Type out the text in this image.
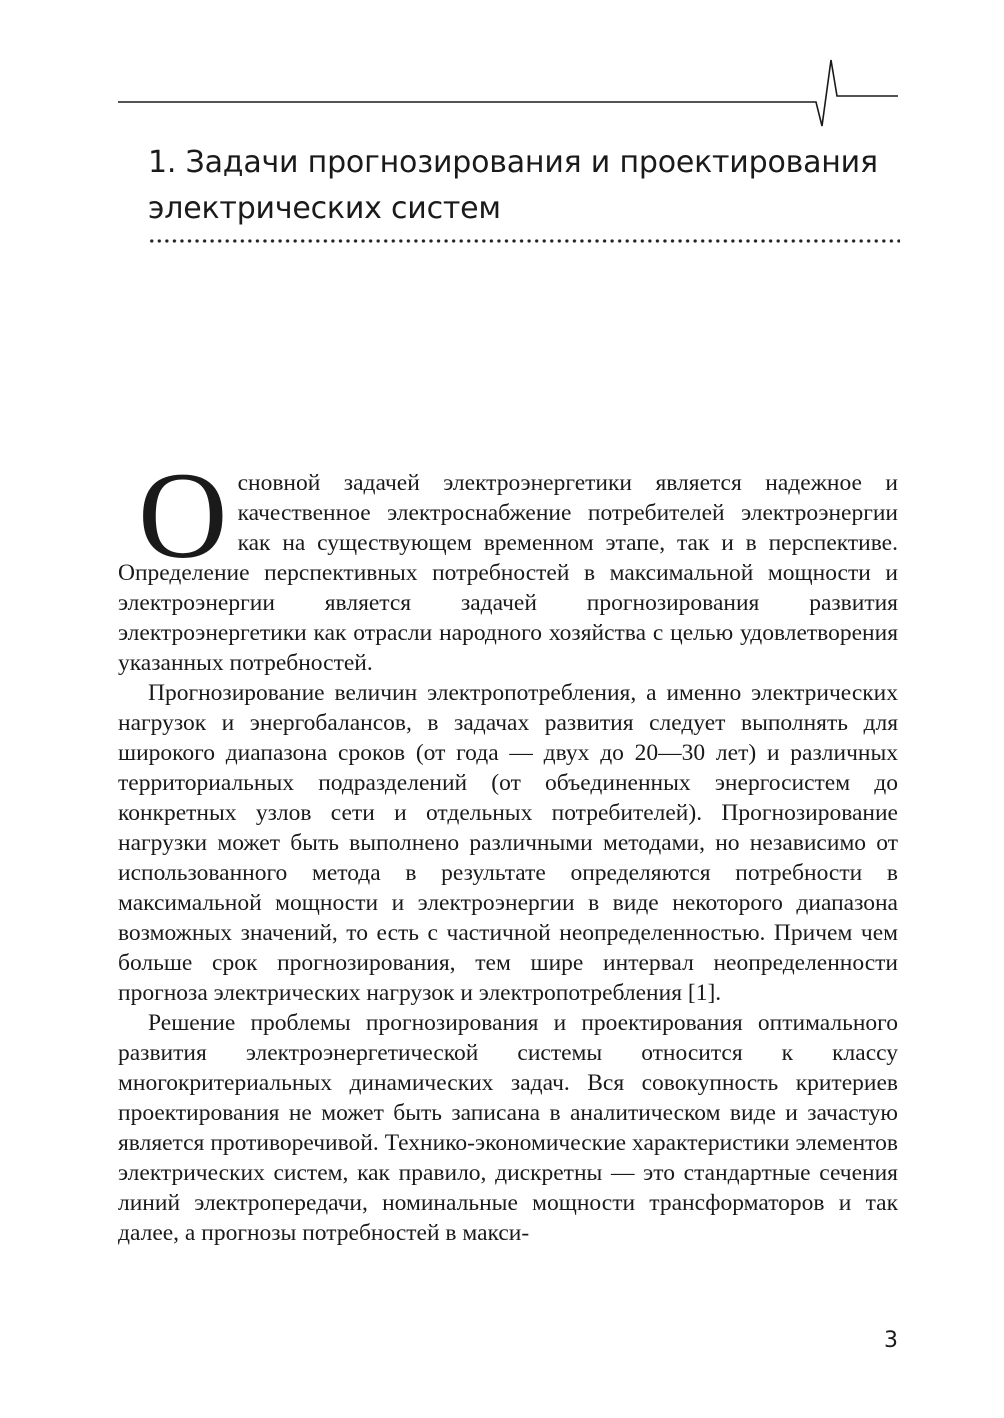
1. Задачи прогнозирования и проектирования электрических систем

Основной задачей электроэнергетики является надежное и качественное электроснабжение потребителей электроэнергии как на существующем временном этапе, так и в перспективе. Определение перспективных потребностей в максимальной мощности и электроэнергии является задачей прогнозирования развития электроэнергетики как отрасли народного хозяйства с целью удовлетворения указанных потребностей.

Прогнозирование величин электропотребления, а именно электрических нагрузок и энергобалансов, в задачах развития следует выполнять для широкого диапазона сроков (от года — двух до 20—30 лет) и различных территориальных подразделений (от объединенных энергосистем до конкретных узлов сети и отдельных потребителей). Прогнозирование нагрузки может быть выполнено различными методами, но независимо от использованного метода в результате определяются потребности в максимальной мощности и электроэнергии в виде некоторого диапазона возможных значений, то есть с частичной неопределенностью. Причем чем больше срок прогнозирования, тем шире интервал неопределенности прогноза электрических нагрузок и электропотребления [1].

Решение проблемы прогнозирования и проектирования оптимального развития электроэнергетической системы относится к классу многокритериальных динамических задач. Вся совокупность критериев проектирования не может быть записана в аналитическом виде и зачастую является противоречивой. Технико-экономические характеристики элементов электрических систем, как правило, дискретны — это стандартные сечения линий электропередачи, номинальные мощности трансформаторов и так далее, а прогнозы потребностей в макси-

3
